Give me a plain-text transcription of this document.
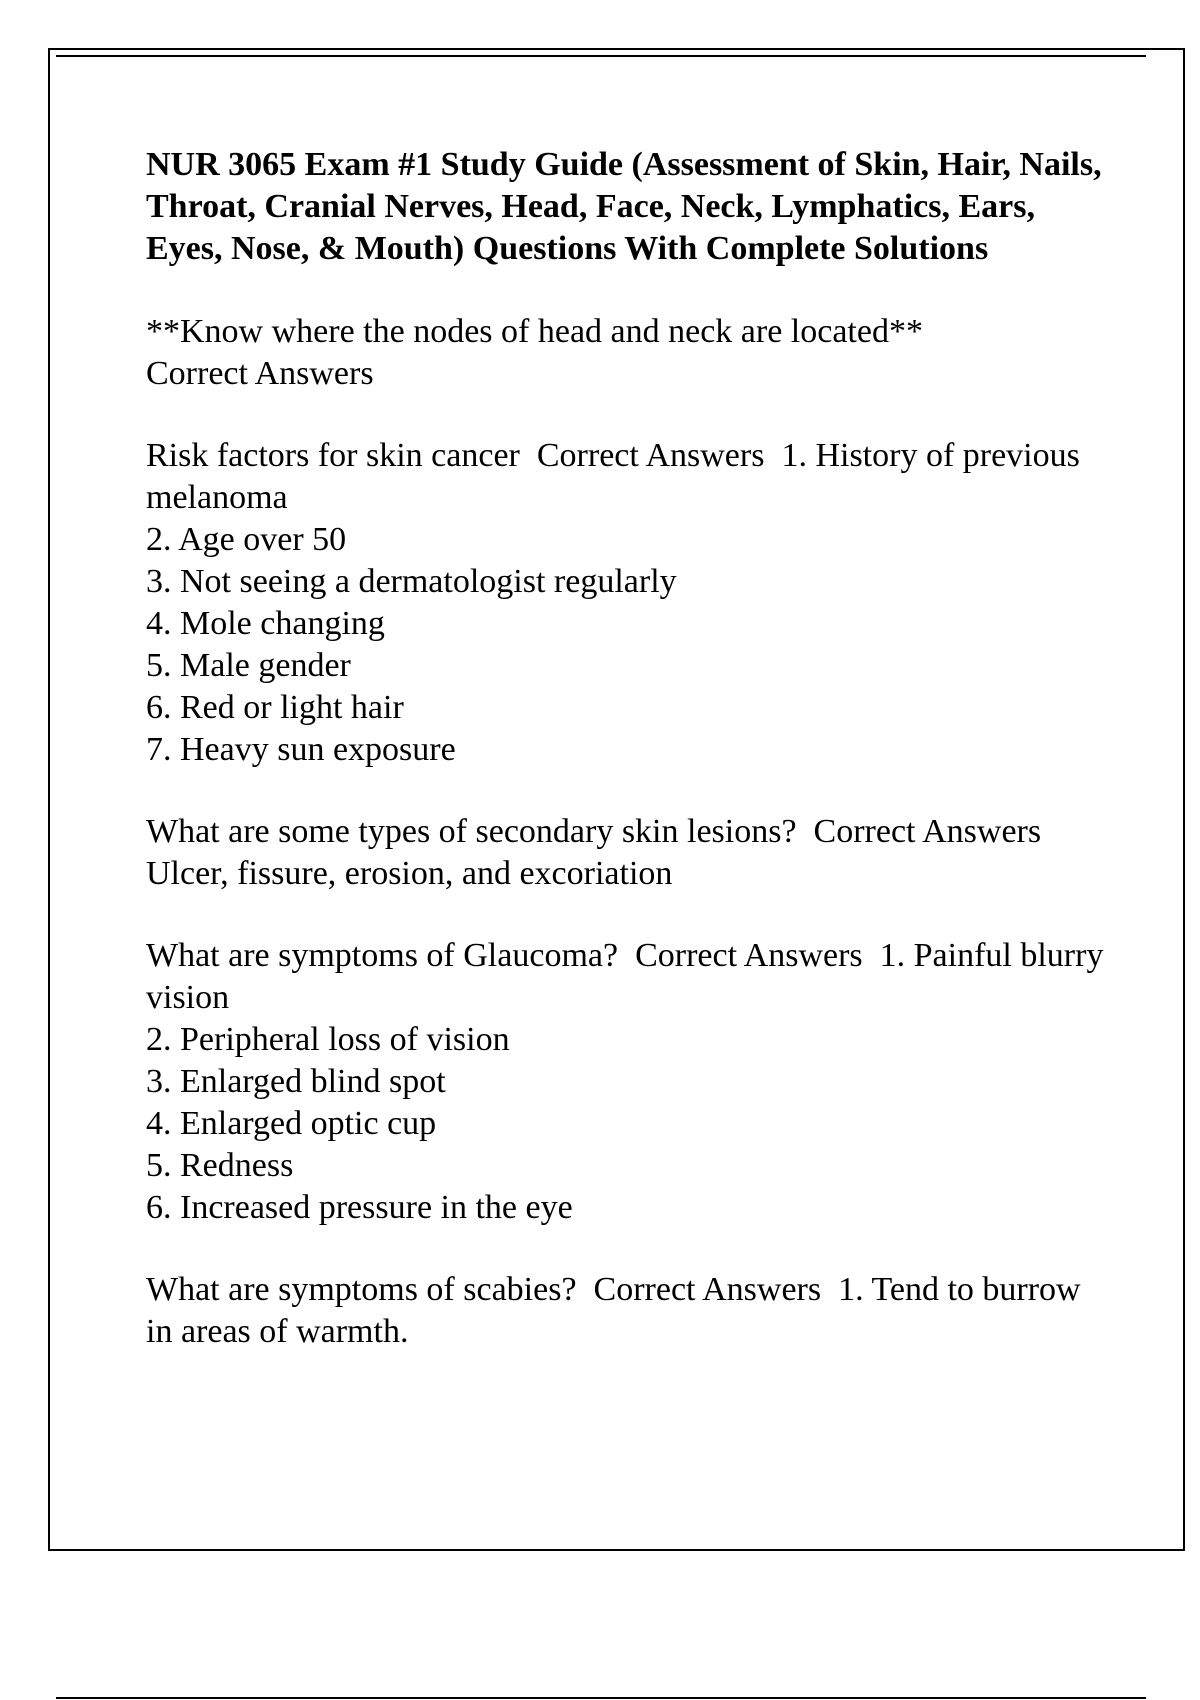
NUR 3065 Exam #1 Study Guide (Assessment of Skin, Hair, Nails, Throat, Cranial Nerves, Head, Face, Neck, Lymphatics, Ears, Eyes, Nose, & Mouth) Questions With Complete Solutions

**Know where the nodes of head and neck are located**
Correct Answers
Risk factors for skin cancer Correct Answers 1. History of previous melanoma
2. Age over 50
3. Not seeing a dermatologist regularly
4. Mole changing
5. Male gender
6. Red or light hair
7. Heavy sun exposure
What are some types of secondary skin lesions? Correct Answers  Ulcer, fissure, erosion, and excoriation
What are symptoms of Glaucoma? Correct Answers 1. Painful blurry vision
2. Peripheral loss of vision
3. Enlarged blind spot
4. Enlarged optic cup
5. Redness
6. Increased pressure in the eye
What are symptoms of scabies? Correct Answers 1. Tend to burrow in areas of warmth.
